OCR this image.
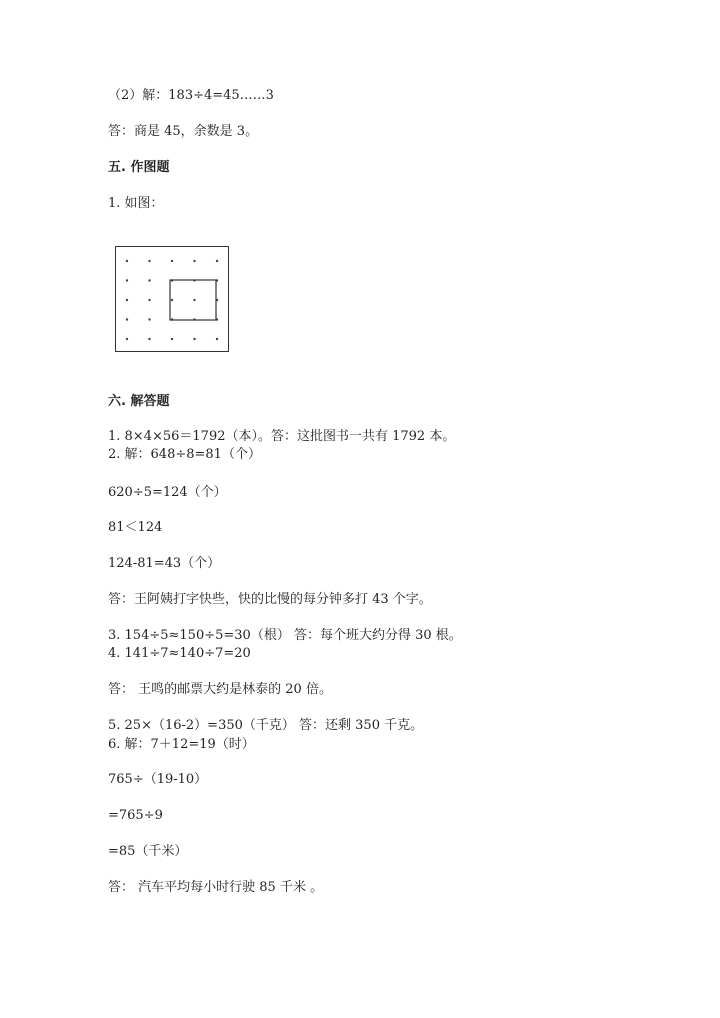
（2）解：183÷4=45……3
答：商是 45，余数是 3。
五. 作图题
1. 如图：
六. 解答题
1. 8×4×56＝1792（本）。答：这批图书一共有 1792 本。
2. 解：648÷8=81（个）
620÷5=124（个）
81＜124
124-81=43（个）
答：王阿姨打字快些，快的比慢的每分钟多打 43 个字。
3. 154÷5≈150÷5=30（根） 答：每个班大约分得 30 根。
4. 141÷7≈140÷7=20
答： 王鸣的邮票大约是林泰的 20 倍。
5. 25×（16-2）=350（千克） 答：还剩 350 千克。
6. 解：7＋12=19（时）
765÷（19-10）
=765÷9
=85（千米）
答： 汽车平均每小时行驶 85 千米 。
